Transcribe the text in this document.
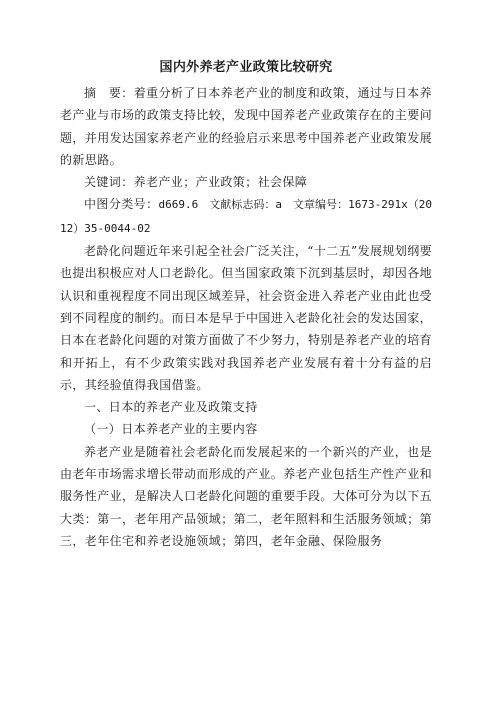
国内外养老产业政策比较研究

摘　要：着重分析了日本养老产业的制度和政策，通过与日本养老产业与市场的政策支持比较，发现中国养老产业政策存在的主要问题，并用发达国家养老产业的经验启示来思考中国养老产业政策发展的新思路。

关键词：养老产业；产业政策；社会保障

中图分类号：d669.6　文献标志码：a　文章编号：1673-291x（2012）35-0044-02

老龄化问题近年来引起全社会广泛关注，“十二五”发展规划纲要也提出积极应对人口老龄化。但当国家政策下沉到基层时，却因各地认识和重视程度不同出现区域差异，社会资金进入养老产业由此也受到不同程度的制约。而日本是早于中国进入老龄化社会的发达国家，日本在老龄化问题的对策方面做了不少努力，特别是养老产业的培育和开拓上，有不少政策实践对我国养老产业发展有着十分有益的启示，其经验值得我国借鉴。

一、日本的养老产业及政策支持

（一）日本养老产业的主要内容

养老产业是随着社会老龄化而发展起来的一个新兴的产业，也是由老年市场需求增长带动而形成的产业。养老产业包括生产性产业和服务性产业，是解决人口老龄化问题的重要手段。大体可分为以下五大类：第一，老年用产品领域；第二，老年照料和生活服务领域；第三，老年住宅和养老设施领域；第四，老年金融、保险服务
